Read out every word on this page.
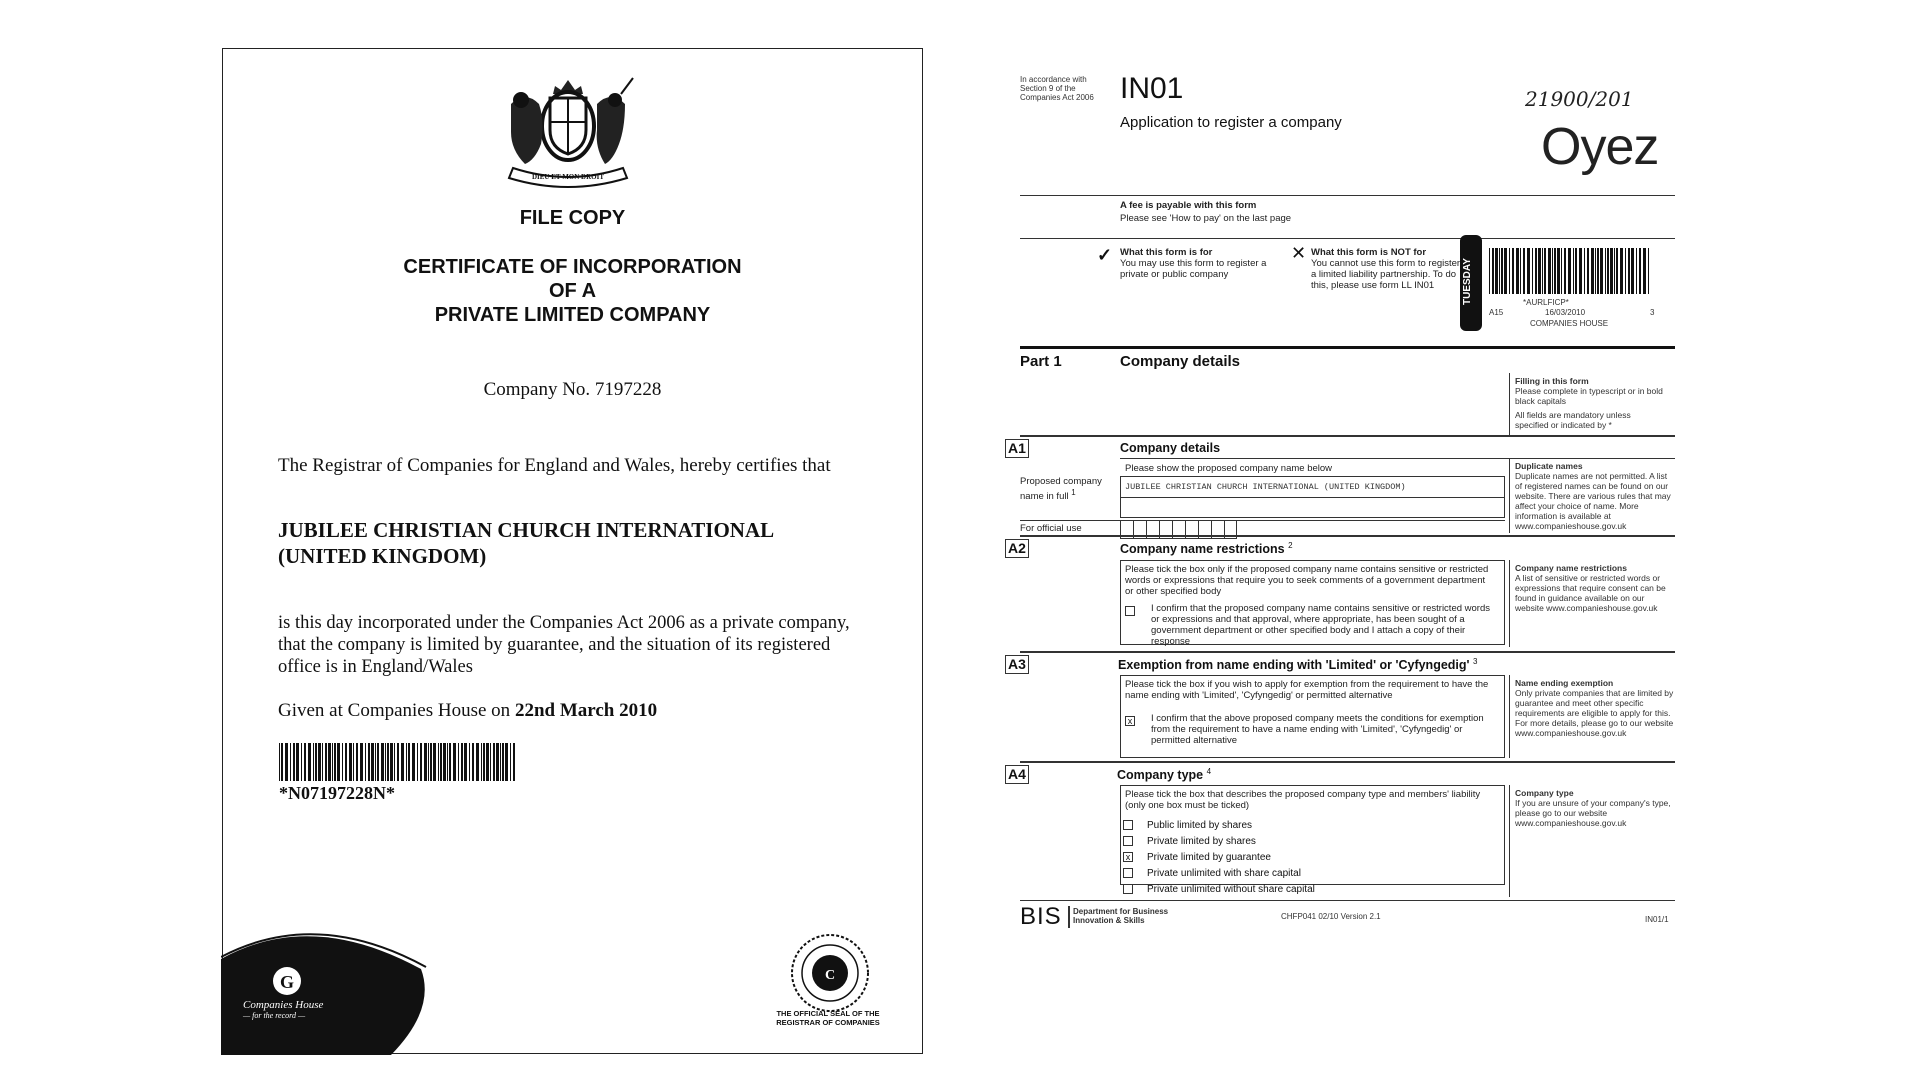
DIEU ET MON DROIT
FILE COPY
CERTIFICATE OF INCORPORATION
OF A
PRIVATE LIMITED COMPANY
Company No. 7197228
The Registrar of Companies for England and Wales, hereby certifies that
JUBILEE CHRISTIAN CHURCH INTERNATIONAL
(UNITED KINGDOM)
is this day incorporated under the Companies Act 2006 as a private company, that the company is limited by guarantee, and the situation of its registered office is in England/Wales
Given at Companies House on 22nd March 2010
*N07197228N*
G
Companies House
— for the record —
C
THE OFFICIAL SEAL OF THE REGISTRAR OF COMPANIES
21900/201
In accordance with Section 9 of the Companies Act 2006 IN01
Application to register a company	Oyez
A fee is payable with this form
Please see 'How to pay' on the last page
✓ What this form is for
You may use this form to register a private or public company
✕ What this form is NOT for
You cannot use this form to register a limited liability partnership. To do this, please use form LL IN01	TUESDAY	*AURLFICP*
A15	16/03/2010	3
COMPANIES HOUSE
Part 1	Company details
Filling in this form
Please complete in typescript or in bold black capitals
All fields are mandatory unless specified or indicated by *
A1	Company details
Please show the proposed company name below
JUBILEE CHRISTIAN CHURCH INTERNATIONAL (UNITED KINGDOM)
Proposed company name in full $^1$
For official use
Duplicate names
Duplicate names are not permitted. A list of registered names can be found on our website. There are various rules that may affect your choice of name. More information is available at www.companieshouse.gov.uk
A2	Company name restrictions $^2$
Please tick the box only if the proposed company name contains sensitive or restricted words or expressions that require you to seek comments of a government department or other specified body
I confirm that the proposed company name contains sensitive or restricted words or expressions and that approval, where appropriate, has been sought of a government department or other specified body and I attach a copy of their response
Company name restrictions
A list of sensitive or restricted words or expressions that require consent can be found in guidance available on our website www.companieshouse.gov.uk
A3	Exemption from name ending with 'Limited' or 'Cyfyngedig' $^3$
Please tick the box if you wish to apply for exemption from the requirement to have the name ending with 'Limited', 'Cyfyngedig' or permitted alternative
x I confirm that the above proposed company meets the conditions for exemption from the requirement to have a name ending with 'Limited', 'Cyfyngedig' or permitted alternative
Name ending exemption
Only private companies that are limited by guarantee and meet other specific requirements are eligible to apply for this. For more details, please go to our website www.companieshouse.gov.uk
A4	Company type $^4$
Please tick the box that describes the proposed company type and members' liability (only one box must be ticked)
Public limited by shares
Private limited by shares
x Private limited by guarantee
Private unlimited with share capital
Private unlimited without share capital
Company type
If you are unsure of your company's type, please go to our website www.companieshouse.gov.uk
BIS Department for Business Innovation & Skills	CHFP041 02/10 Version 2.1	IN01/1
